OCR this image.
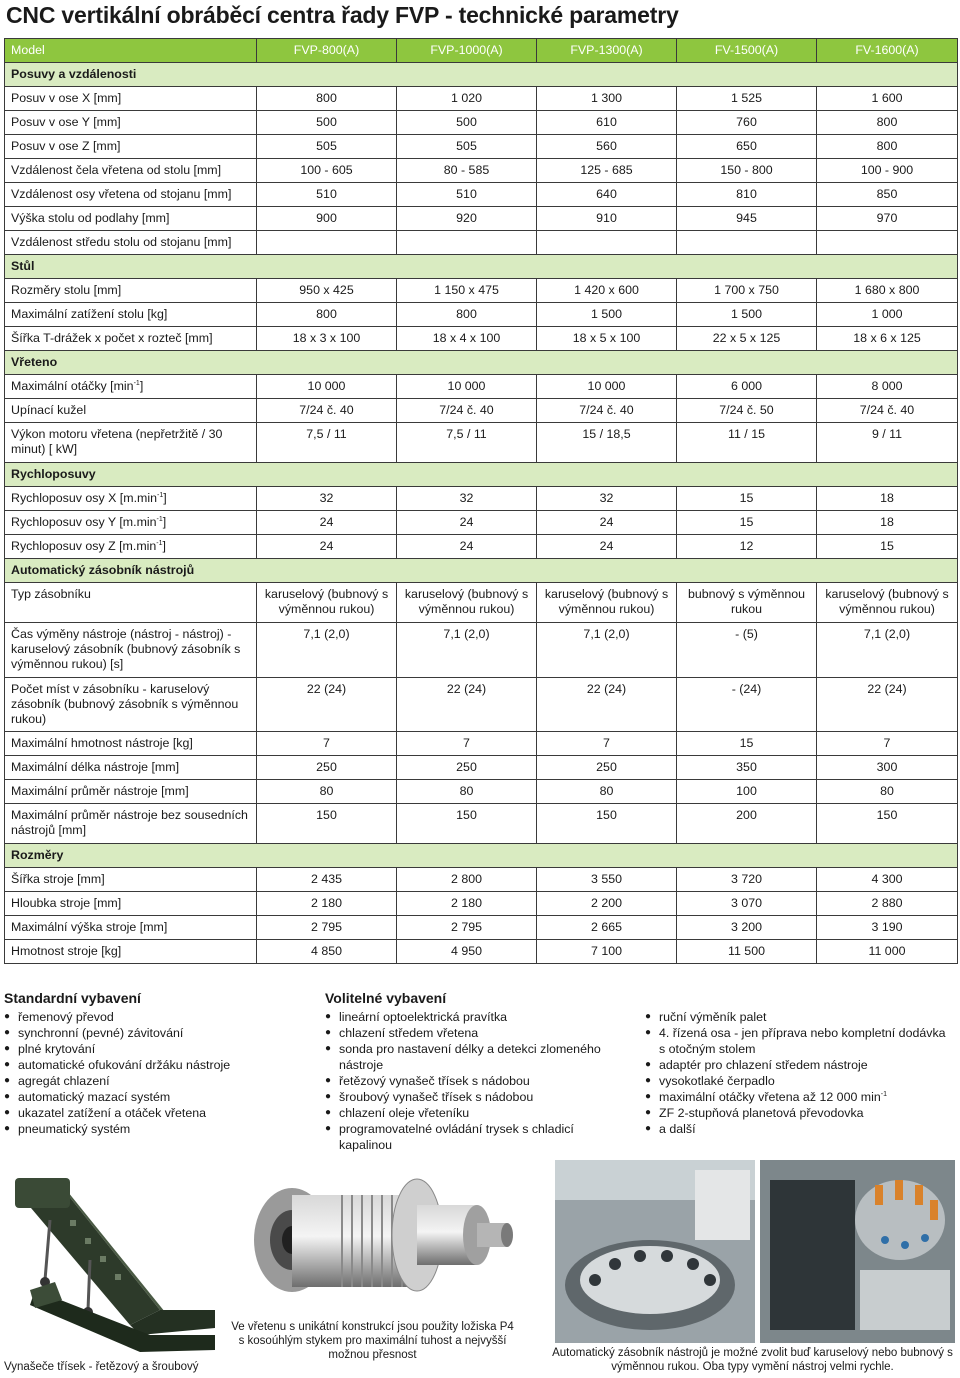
CNC vertikální obráběcí centra řady FVP - technické parametry
Model	FVP-800(A)	FVP-1000(A)	FVP-1300(A)	FV-1500(A)	FV-1600(A)
Posuvy a vzdálenosti					
Posuv v ose X [mm]	800	1 020	1 300	1 525	1 600
Posuv v ose Y [mm]	500	500	610	760	800
Posuv v ose Z [mm]	505	505	560	650	800
Vzdálenost čela vřetena od stolu [mm]	100 - 605	80 - 585	125 - 685	150 - 800	100 - 900
Vzdálenost osy vřetena od stojanu [mm]	510	510	640	810	850
Výška stolu od podlahy [mm]	900	920	910	945	970
Vzdálenost středu stolu od stojanu [mm]					
Stůl					
Rozměry stolu [mm]	950 x 425	1 150 x 475	1 420 x 600	1 700 x 750	1 680 x 800
Maximální zatížení stolu [kg]	800	800	1 500	1 500	1 000
Šířka T-drážek x počet x rozteč [mm]	18 x 3 x 100	18 x 4 x 100	18 x 5 x 100	22 x 5 x 125	18 x 6 x 125
Vřeteno					
Maximální otáčky $[\min^{-1}]$	10 000	10 000	10 000	6 000	8 000
Upínací kužel	7/24 č. 40	7/24 č. 40	7/24 č. 40	7/24 č. 50	7/24 č. 40
Výkon motoru vřetena (nepřetržitě / 30 minut) [ kW]	7,5 / 11	7,5 / 11	15 / 18,5	11 / 15	9 / 11
Rychloposuvy					
Rychloposuv osy X $[m.\min^{-1}]$	32	32	32	15	18
Rychloposuv osy Y $[m.\min^{-1}]$	24	24	24	15	18
Rychloposuv osy Z $[m.\min^{-1}]$	24	24	24	12	15
Automatický zásobník nástrojů					
Typ zásobníku	karuselový (bubnový s výměnnou rukou)	karuselový (bubnový s výměnnou rukou)	karuselový (bubnový s výměnnou rukou)	bubnový s výměnnou rukou	karuselový (bubnový s výměnnou rukou)
Čas výměny nástroje (nástroj - nástroj) - karuselový zásobník (bubnový zásobník s výměnnou rukou) [s]	7,1 (2,0)	7,1 (2,0)	7,1 (2,0)	- (5)	7,1 (2,0)
Počet míst v zásobníku - karuselový zásobník (bubnový zásobník s výměnnou rukou)	22 (24)	22 (24)	22 (24)	- (24)	22 (24)
Maximální hmotnost nástroje [kg]	7	7	7	15	7
Maximální délka nástroje [mm]	250	250	250	350	300
Maximální průměr nástroje [mm]	80	80	80	100	80
Maximální průměr nástroje bez sousedních nástrojů [mm]	150	150	150	200	150
Rozměry					
Šířka stroje [mm]	2 435	2 800	3 550	3 720	4 300
Hloubka stroje [mm]	2 180	2 180	2 200	3 070	2 880
Maximální výška stroje [mm]	2 795	2 795	2 665	3 200	3 190
Hmotnost stroje [kg]	4 850	4 950	7 100	11 500	11 000
Standardní vybavení
● řemenový převod
● synchronní (pevné) závitování
● plné krytování
● automatické ofukování držáku nástroje
● agregát chlazení
● automatický mazací systém
● ukazatel zatížení a otáček vřetena
● pneumatický systém
Volitelné vybavení
● lineární optoelektrická pravítka
● chlazení středem vřetena
● sonda pro nastavení délky a detekci zlomeného nástroje
● řetězový vynašeč třísek s nádobou
● šroubový vynašeč třísek s nádobou
● chlazení oleje vřeteníku
● programovatelné ovládání trysek s chladicí kapalinou
● ruční výměník palet
● 4. řízená osa - jen příprava nebo kompletní dodávka s otočným stolem
● adaptér pro chlazení středem nástroje
● vysokotlaké čerpadlo
● maximální otáčky vřetena až 12 000 $\min^{-1}$
● ZF 2-stupňová planetová převodovka
● a další
Vynašeče třísek - řetězový a šroubový
Ve vřetenu s unikátní konstrukcí jsou použity ložiska P4 s kosoúhlým stykem pro maximální tuhost a nejvyšší možnou přesnost	Automatický zásobník nástrojů je možné zvolit buď karuselový nebo bubnový s výměnnou rukou. Oba typy vymění nástroj velmi rychle.
